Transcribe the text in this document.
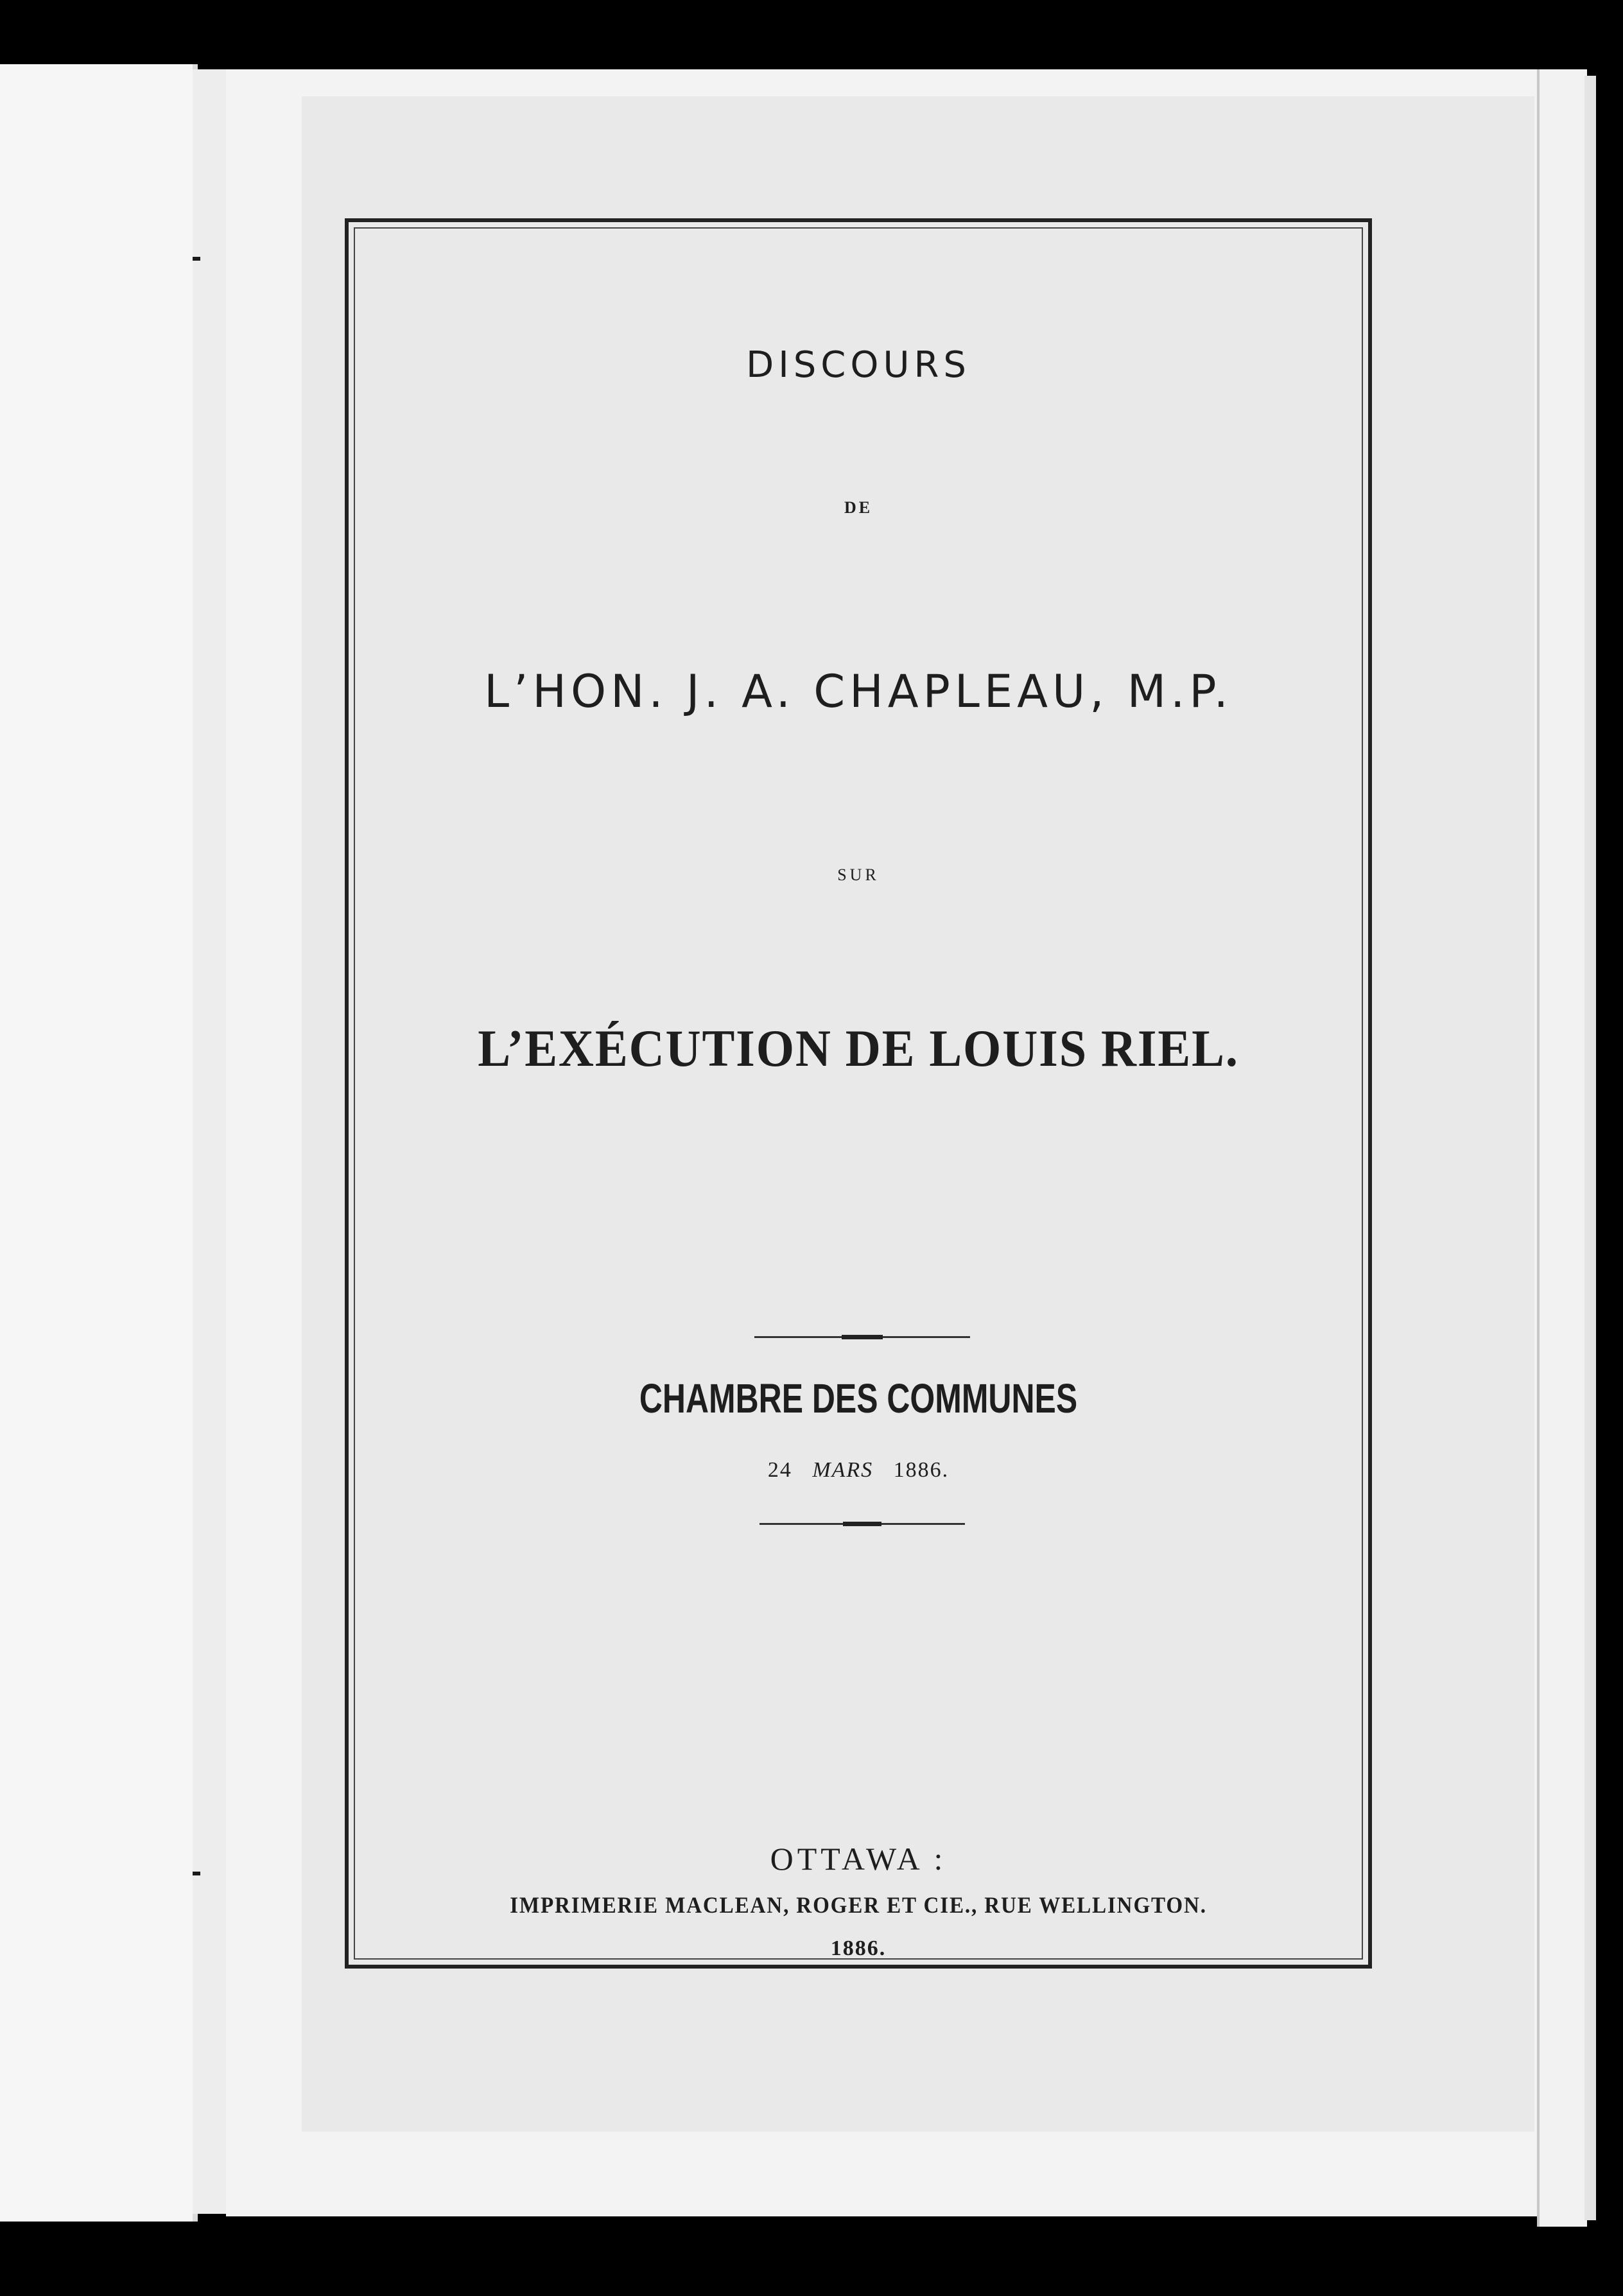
DISCOURS
DE
L’HON. J. A. CHAPLEAU, M.P.
SUR
L’EXÉCUTION DE LOUIS RIEL.
CHAMBRE DES COMMUNES
24 MARS 1886.
OTTAWA :
IMPRIMERIE MACLEAN, ROGER ET CIE., RUE WELLINGTON.
1886.
